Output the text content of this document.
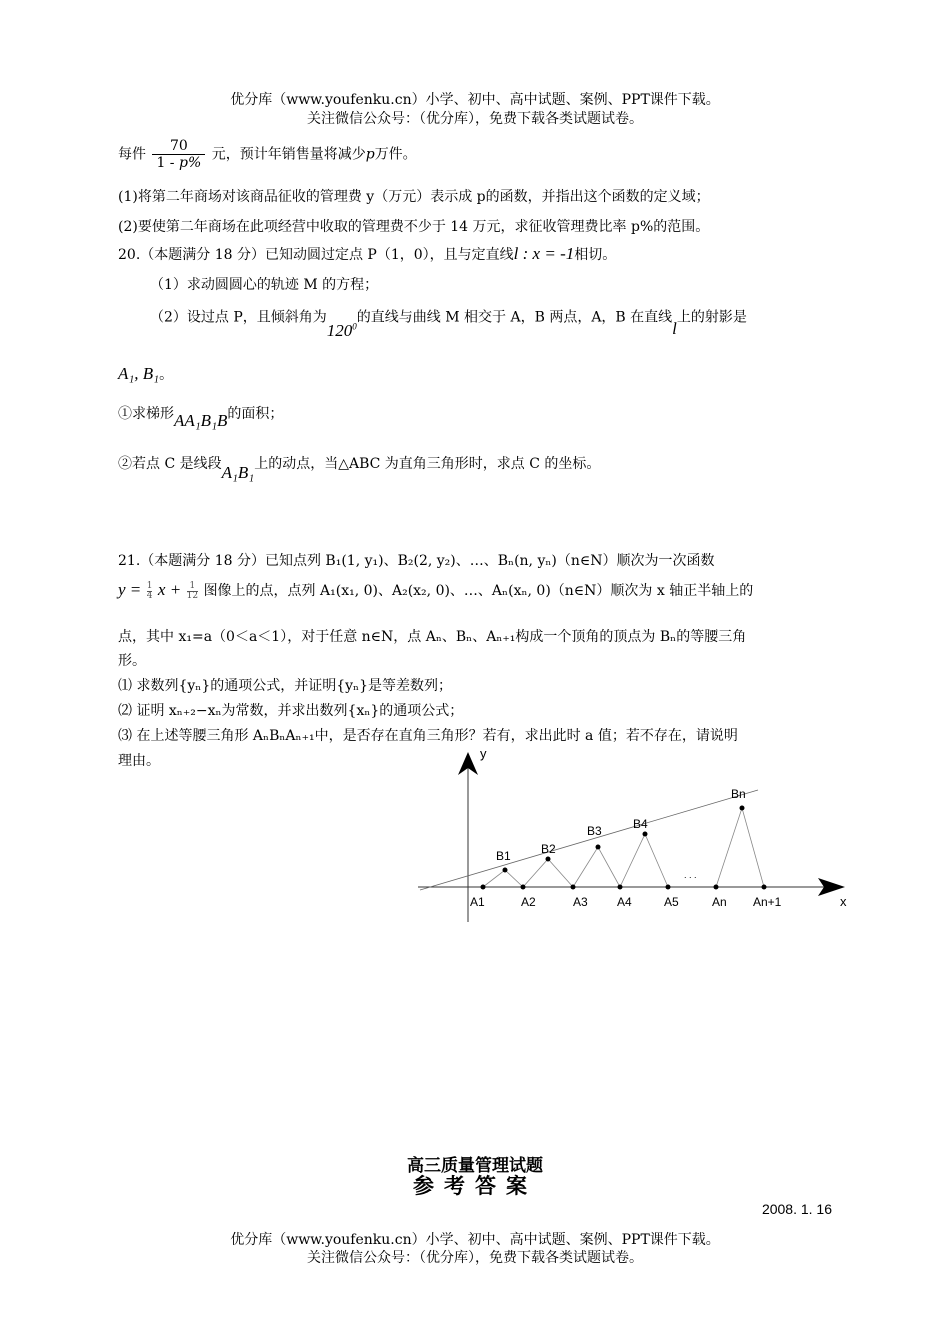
优分库（www.youfenku.cn）小学、初中、高中试题、案例、PPT课件下载。
关注微信公众号：（优分库），免费下载各类试题试卷。
每件 $\frac{70}{1 - p\%}$ 元，预计年销售量将减少p万件。
(1)将第二年商场对该商品征收的管理费 y（万元）表示成 p的函数，并指出这个函数的定义域；
(2)要使第二年商场在此项经营中收取的管理费不少于 14 万元，求征收管理费比率 p%的范围。
20.（本题满分 18 分）已知动圆过定点 P（1，0），且与定直线l : x = -1相切。
（1）求动圆圆心的轨迹 M 的方程；
（2）设过点 P，且倾斜角为$120^0$的直线与曲线 M 相交于 A，B 两点，A，B 在直线l上的射影是
A₁, B₁。
①求梯形AA₁B₁B的面积；
②若点 C 是线段A₁B₁上的动点，当△ABC 为直角三角形时，求点 C 的坐标。
21.（本题满分 18 分）已知点列 B₁(1, y₁)、B₂(2, y₂)、…、Bₙ(n, yₙ)（n∈N）顺次为一次函数
$y = \frac{1}{4}$ $x + \frac{1}{12}$ 图像上的点，点列 A₁(x₁, 0)、A₂(x₂, 0)、…、Aₙ(xₙ, 0)（n∈N）顺次为 x 轴正半轴上的
点，其中 x₁=a（0＜a＜1），对于任意 n∈N，点 Aₙ、Bₙ、Aₙ₊₁构成一个顶角的顶点为 Bₙ的等腰三角
形。
⑴ 求数列{yₙ}的通项公式，并证明{yₙ}是等差数列；
⑵ 证明 xₙ₊₂−xₙ为常数，并求出数列{xₙ}的通项公式；
⑶ 在上述等腰三角形 AₙBₙAₙ₊₁中，是否存在直角三角形？若有，求出此时 a 值；若不存在，请说明
理由。	y
x
A1	A2	A3 A4	A5	An An+1
B1	B2
B3	B4
Bn
. . .
高三质量管理试题
参考答案
2008. 1. 16
优分库（www.youfenku.cn）小学、初中、高中试题、案例、PPT课件下载。
关注微信公众号：（优分库），免费下载各类试题试卷。
